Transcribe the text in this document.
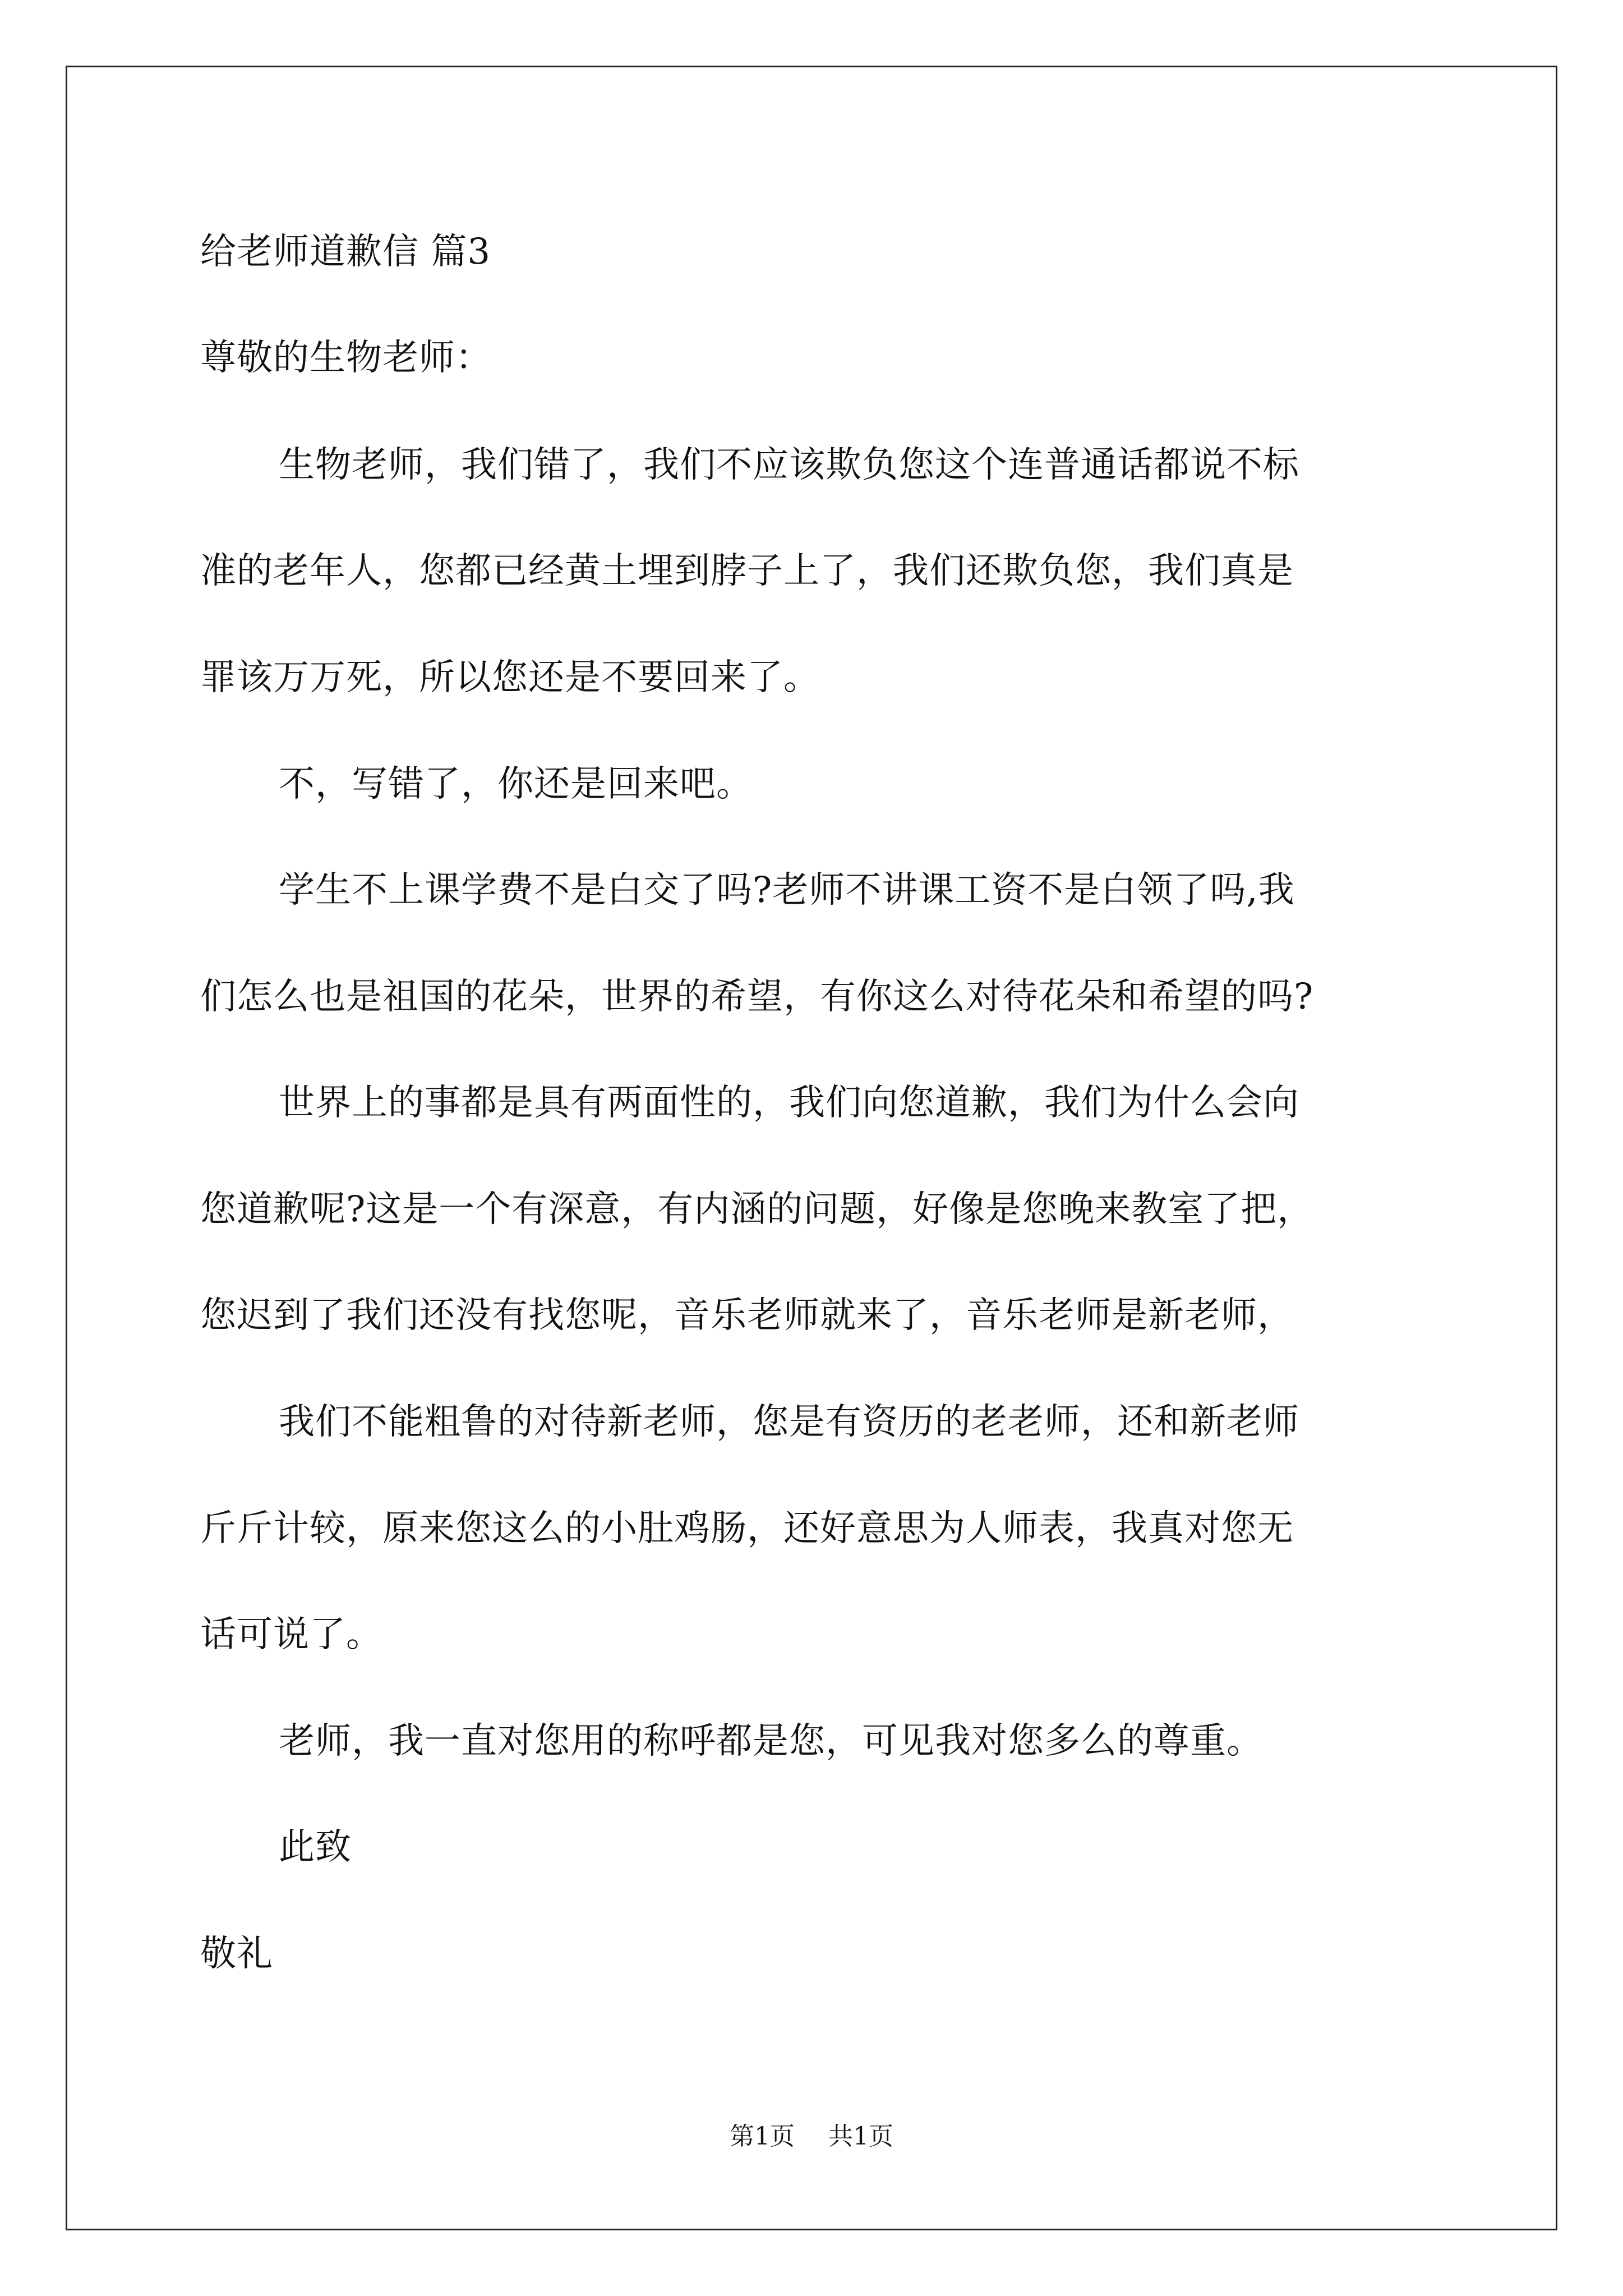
给老师道歉信 篇3
尊敬的生物老师：
生物老师，我们错了，我们不应该欺负您这个连普通话都说不标
准的老年人，您都已经黄土埋到脖子上了，我们还欺负您，我们真是
罪该万万死，所以您还是不要回来了。
不，写错了，你还是回来吧。
学生不上课学费不是白交了吗?老师不讲课工资不是白领了吗,我
们怎么也是祖国的花朵，世界的希望，有你这么对待花朵和希望的吗?
世界上的事都是具有两面性的，我们向您道歉，我们为什么会向
您道歉呢?这是一个有深意，有内涵的问题，好像是您晚来教室了把，
您迟到了我们还没有找您呢，音乐老师就来了，音乐老师是新老师，
我们不能粗鲁的对待新老师，您是有资历的老老师，还和新老师
斤斤计较，原来您这么的小肚鸡肠，还好意思为人师表，我真对您无
话可说了。
老师，我一直对您用的称呼都是您，可见我对您多么的尊重。
此致
敬礼
第1页 共1页
